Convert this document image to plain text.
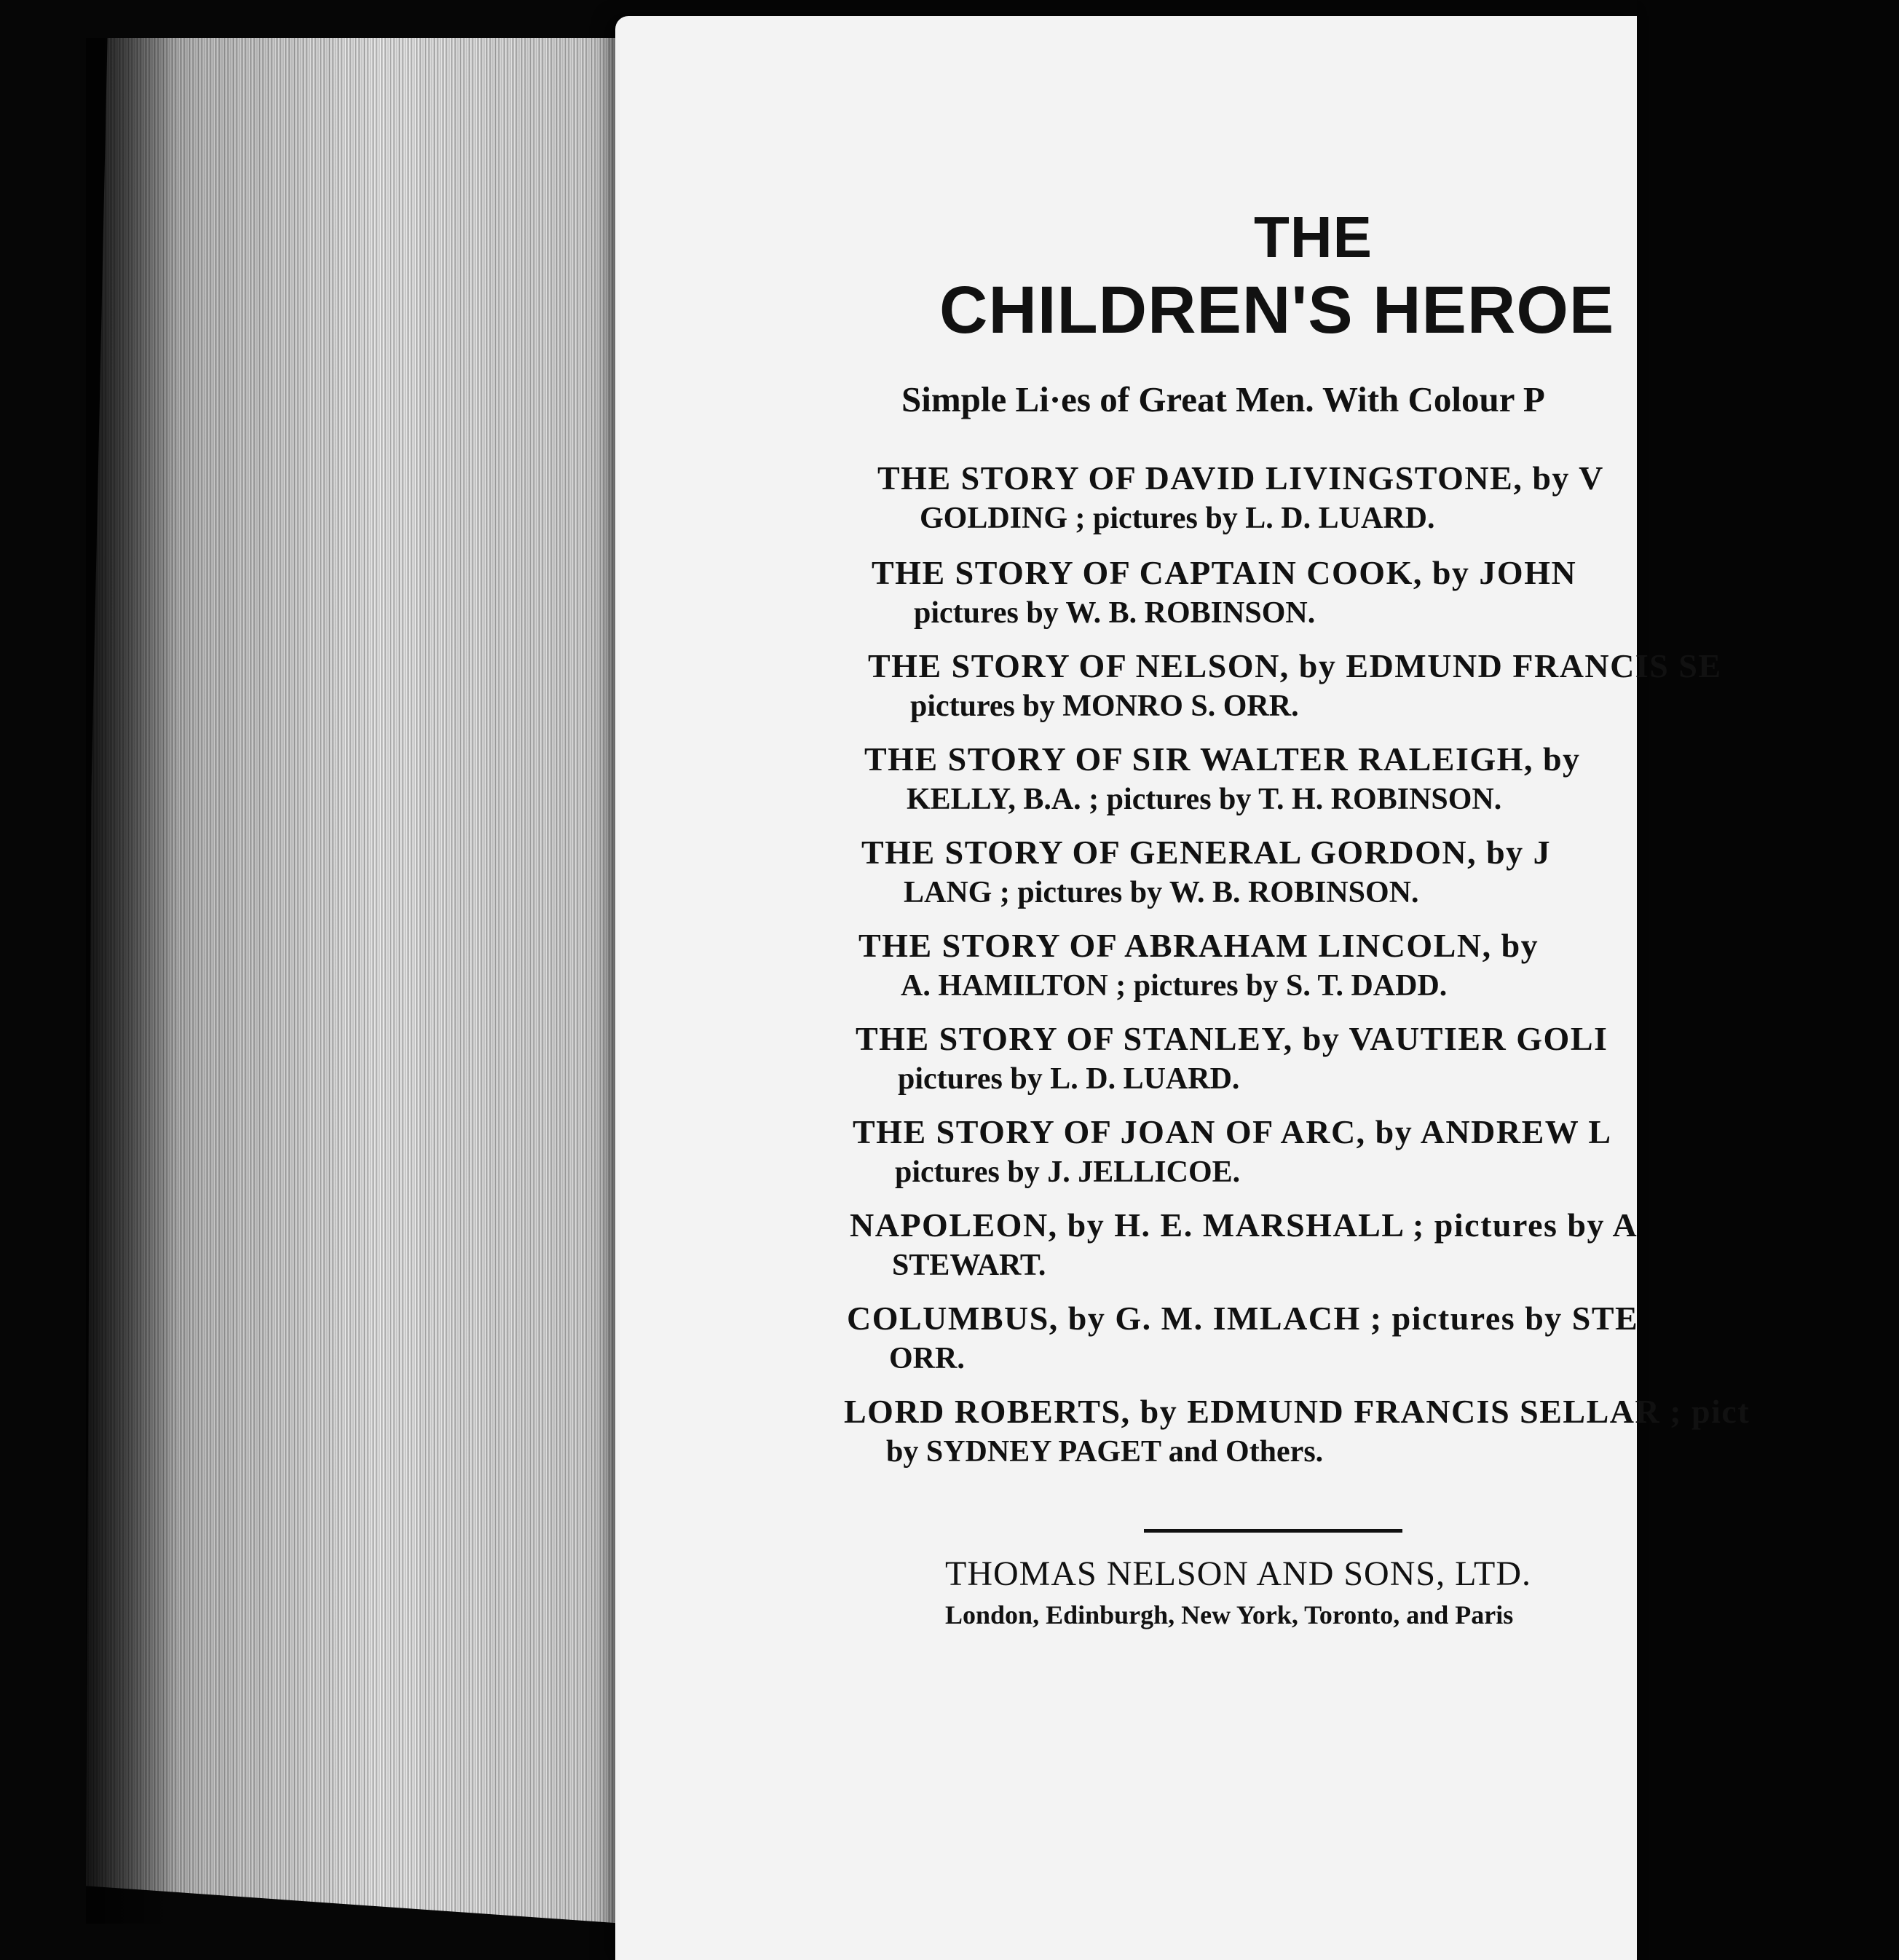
THE
CHILDREN'S HEROE
Simple Li·es of Great Men. With Colour P
THE STORY OF DAVID LIVINGSTONE, by V
GOLDING ; pictures by L. D. LUARD.
THE STORY OF CAPTAIN COOK, by JOHN
pictures by W. B. ROBINSON.
THE STORY OF NELSON, by EDMUND FRANCIS SE
pictures by MONRO S. ORR.
THE STORY OF SIR WALTER RALEIGH, by
KELLY, B.A. ; pictures by T. H. ROBINSON.
THE STORY OF GENERAL GORDON, by J
LANG ; pictures by W. B. ROBINSON.
THE STORY OF ABRAHAM LINCOLN, by
A. HAMILTON ; pictures by S. T. DADD.
THE STORY OF STANLEY, by VAUTIER GOLI
pictures by L. D. LUARD.
THE STORY OF JOAN OF ARC, by ANDREW L
pictures by J. JELLICOE.
NAPOLEON, by H. E. MARSHALL ; pictures by A
STEWART.
COLUMBUS, by G. M. IMLACH ; pictures by STE
ORR.
LORD ROBERTS, by EDMUND FRANCIS SELLAR ; pict
by SYDNEY PAGET and Others.
THOMAS NELSON AND SONS, LTD.
London, Edinburgh, New York, Toronto, and Paris
